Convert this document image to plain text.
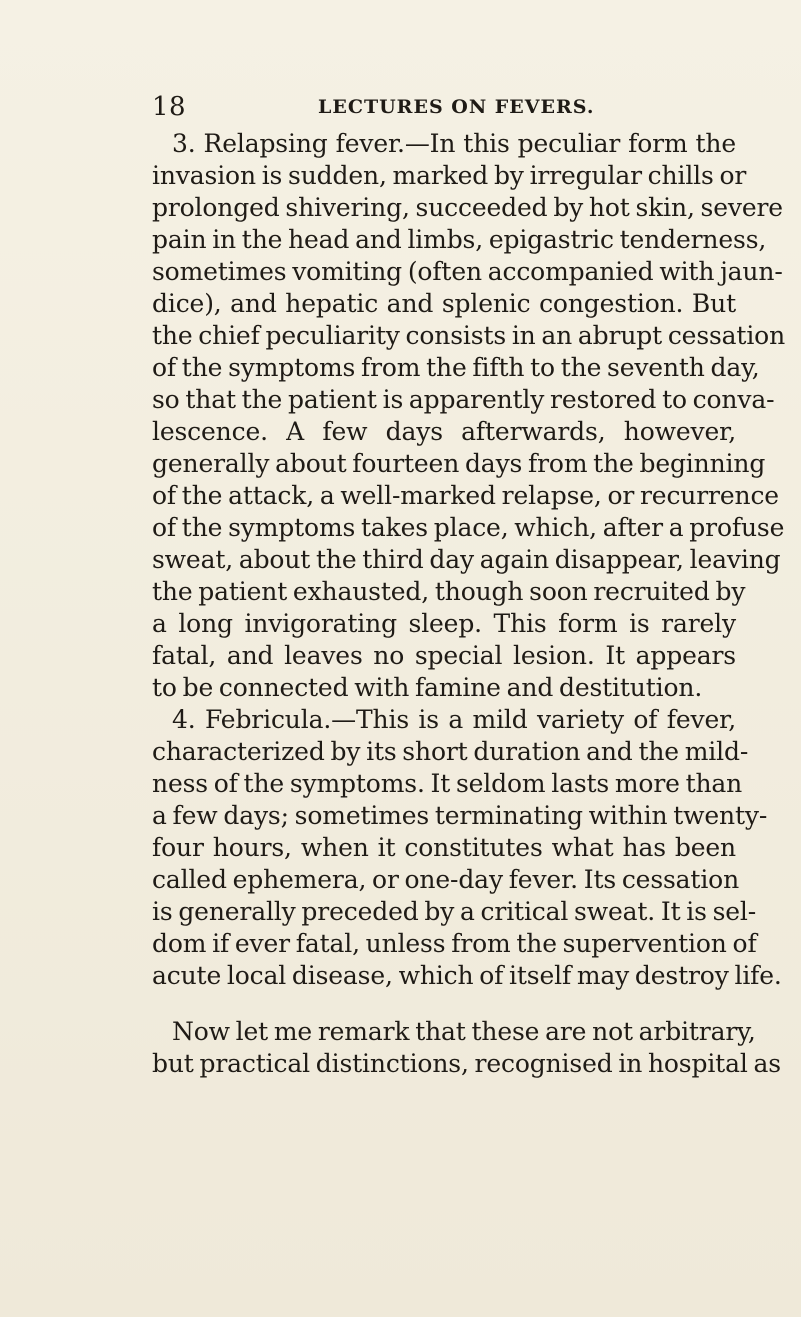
18	LECTURES ON FEVERS.
3. Relapsing fever.—In this peculiar form the
invasion is sudden, marked by irregular chills or
prolonged shivering, succeeded by hot skin, severe
pain in the head and limbs, epigastric tenderness,
sometimes vomiting (often accompanied with jaun-
dice), and hepatic and splenic congestion. But
the chief peculiarity consists in an abrupt cessation
of the symptoms from the fifth to the seventh day,
so that the patient is apparently restored to conva-
lescence. A few days afterwards, however,
generally about fourteen days from the beginning
of the attack, a well-marked relapse, or recurrence
of the symptoms takes place, which, after a profuse
sweat, about the third day again disappear, leaving
the patient exhausted, though soon recruited by
a long invigorating sleep. This form is rarely
fatal, and leaves no special lesion. It appears
to be connected with famine and destitution.
4. Febricula.—This is a mild variety of fever,
characterized by its short duration and the mild-
ness of the symptoms. It seldom lasts more than
a few days; sometimes terminating within twenty-
four hours, when it constitutes what has been
called ephemera, or one-day fever. Its cessation
is generally preceded by a critical sweat. It is sel-
dom if ever fatal, unless from the supervention of
acute local disease, which of itself may destroy life.
Now let me remark that these are not arbitrary,
but practical distinctions, recognised in hospital as
